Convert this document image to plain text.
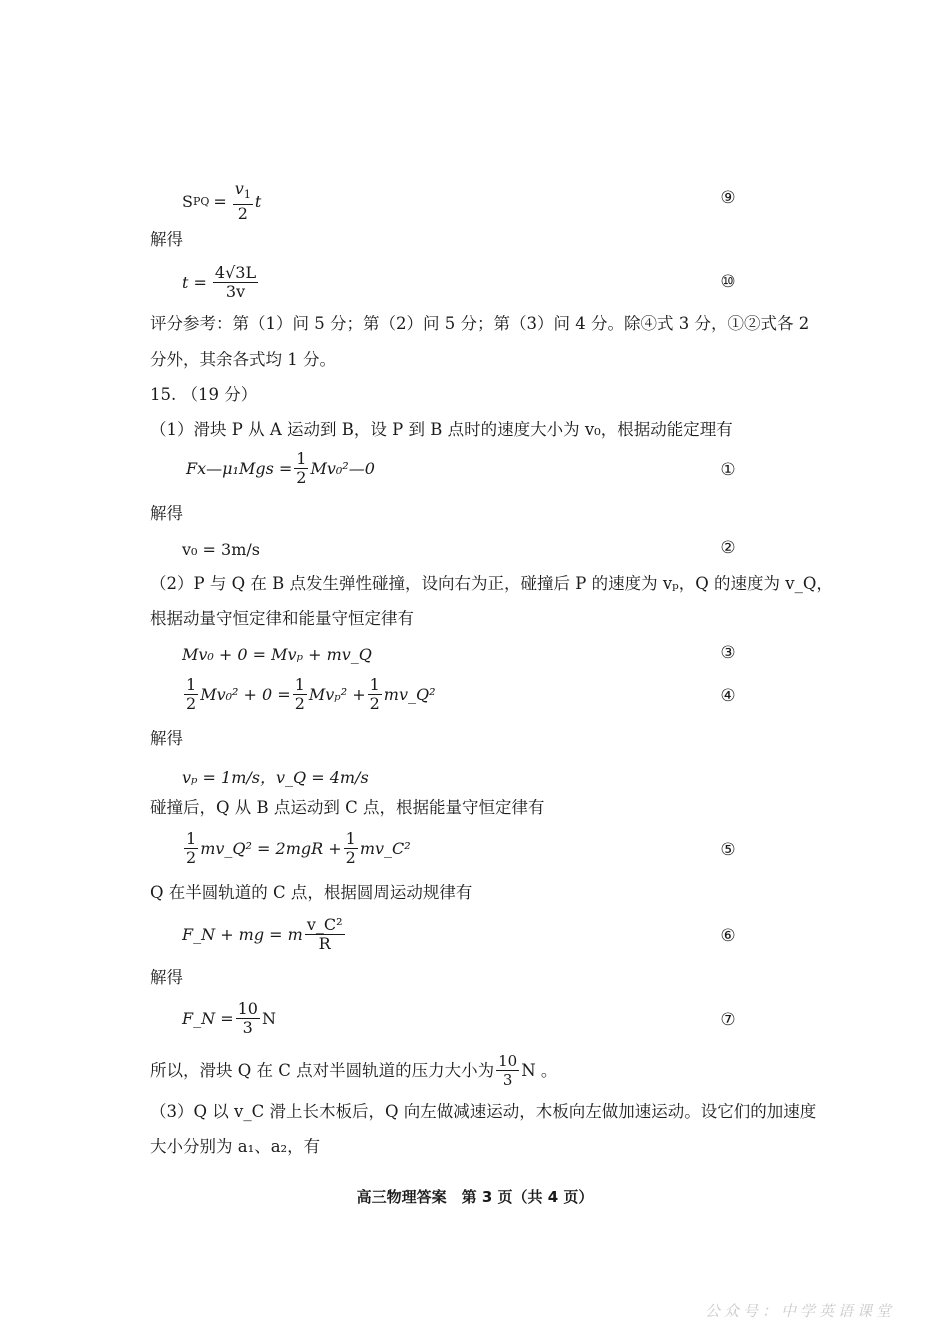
S PQ = $\frac{v_1}{2}$ t	⑨
解得
$t = \frac{4√3L}{3v}$	⑩
评分参考：第（1）问 5 分；第（2）问 5 分；第（3）问 4 分。除④式 3 分，①②式各 2
分外，其余各式均 1 分。
15. （19 分）
（1）滑块 P 从 A 运动到 B，设 P 到 B 点时的速度大小为 v₀，根据动能定理有
Fx—μ₁Mgs = $\frac{1}{2}$ Mv₀²—0	①
解得
v₀ = 3m/s	②
（2）P 与 Q 在 B 点发生弹性碰撞，设向右为正，碰撞后 P 的速度为 vₚ，Q 的速度为 v_Q，
根据动量守恒定律和能量守恒定律有
Mv₀ + 0 = Mvₚ + mv_Q	③
$\frac{1}{2} Mv_0^2 + 0 = \frac{1}{2} Mv_p^2 + \frac{1}{2}$ mv_Q²	④
解得
vₚ = 1m/s，v_Q = 4m/s
碰撞后，Q 从 B 点运动到 C 点，根据能量守恒定律有
$\frac{1}{2}$ mv_Q² = $2mgR + \frac{1}{2}$ mv_C²	⑤
Q 在半圆轨道的 C 点，根据圆周运动规律有
F_N + mg = m $\frac{\text{v\_C²}}{R}$	⑥
解得
F_N = $\frac{10}{3}$ N	⑦
所以，滑块 Q 在 C 点对半圆轨道的压力大小为 $\frac{10}{3}$ N 。
（3）Q 以 v_C 滑上长木板后，Q 向左做减速运动，木板向左做加速运动。设它们的加速度
大小分别为 a₁、a₂，有
高三物理答案　第 3 页（共 4 页）
公众号：中学英语课堂
